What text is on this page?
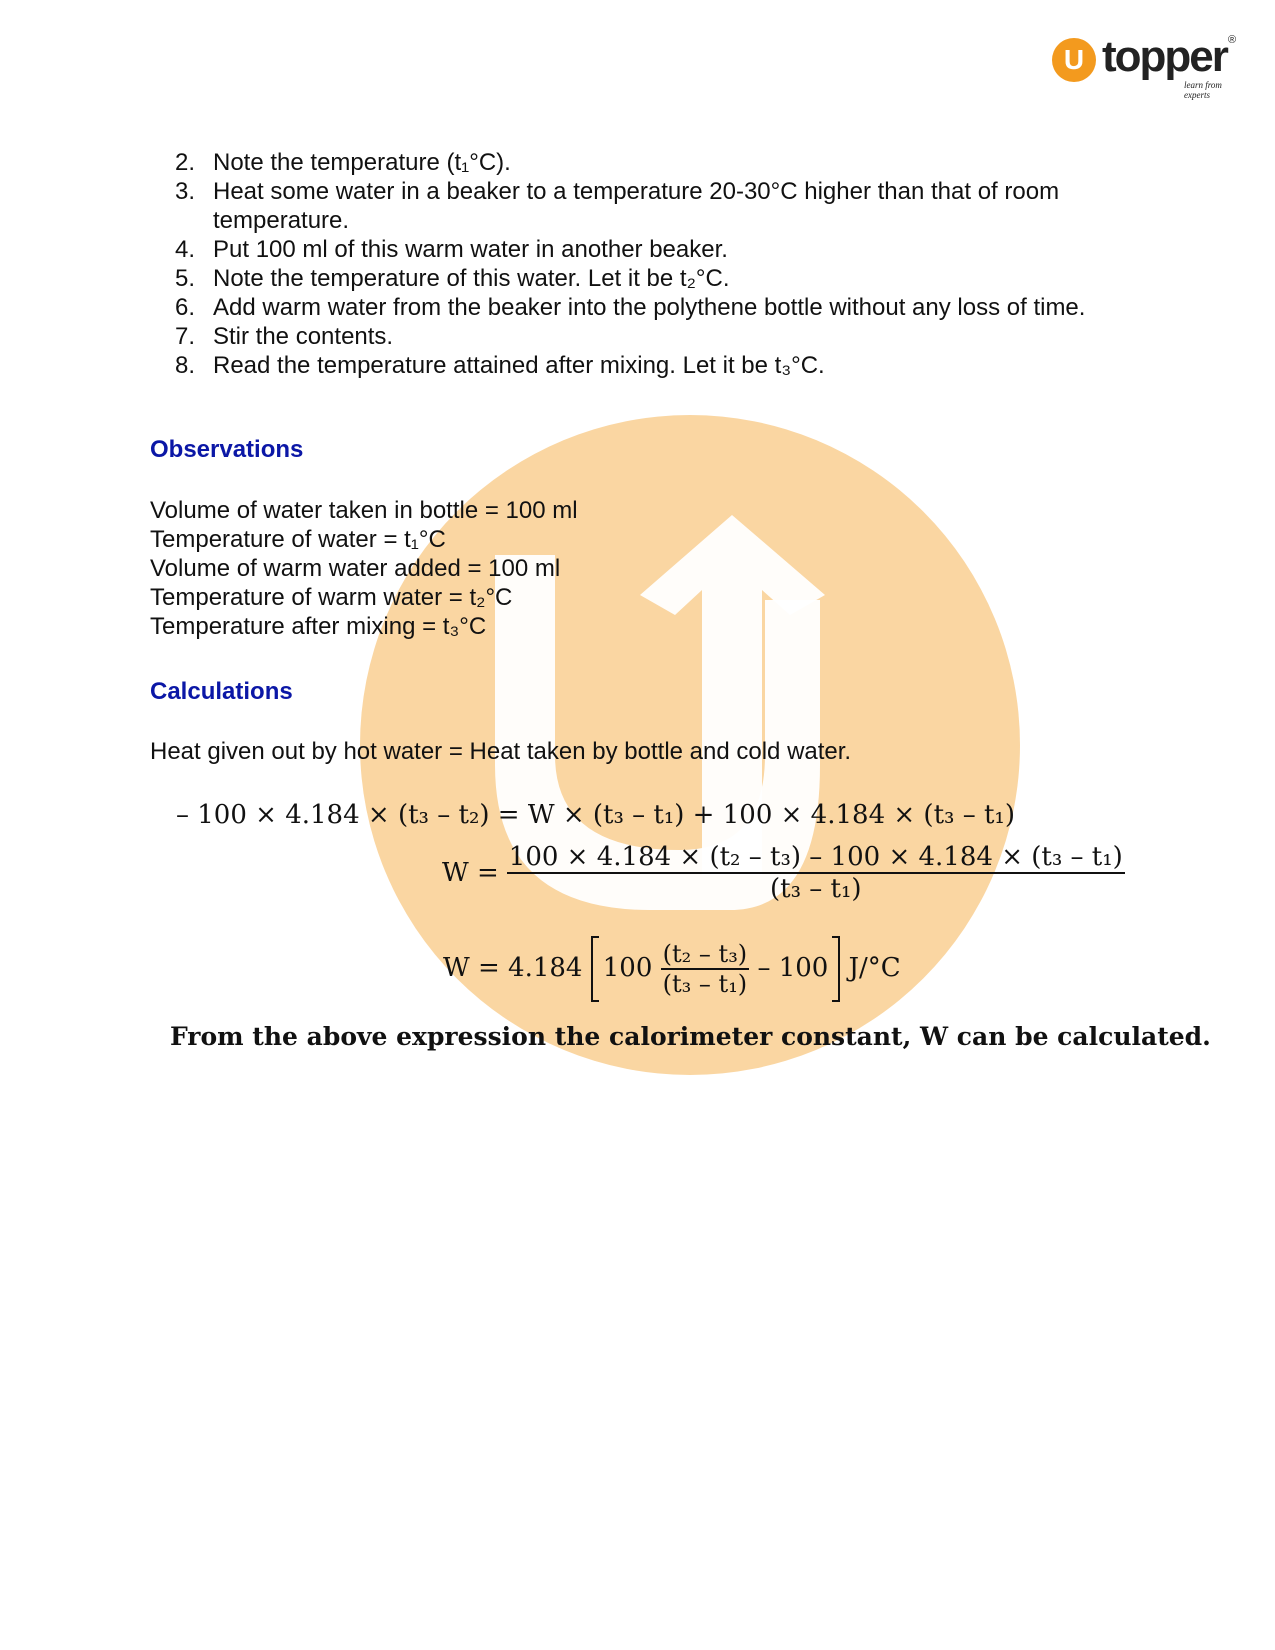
U topper ®
learn from experts
2. Note the temperature (t₁°C).
3. Heat some water in a beaker to a temperature 20-30°C higher than that of room temperature.
4. Put 100 ml of this warm water in another beaker.
5. Note the temperature of this water. Let it be t₂°C.
6. Add warm water from the beaker into the polythene bottle without any loss of time.
7. Stir the contents.
8. Read the temperature attained after mixing. Let it be t₃°C.
Observations
Volume of water taken in bottle = 100 ml
Temperature of water = t₁°C
Volume of warm water added = 100 ml
Temperature of warm water = t₂°C
Temperature after mixing = t₃°C
Calculations
Heat given out by hot water = Heat taken by bottle and cold water.
– 100 × 4.184 × (t₃ – t₂) = W × (t₃ – t₁) + 100 × 4.184 × (t₃ – t₁)
$W = \frac{\text{100 × 4.184 × (t₂ – t₃) – 100 × 4.184 × (t₃ – t₁)}}{\text{(t₃ – t₁)}}$
W = 4.184 $100 \frac{\text{(t₂ – t₃)}}{\text{(t₃ – t₁)}} - 100$ J/°C
From the above expression the calorimeter constant, W can be calculated.
